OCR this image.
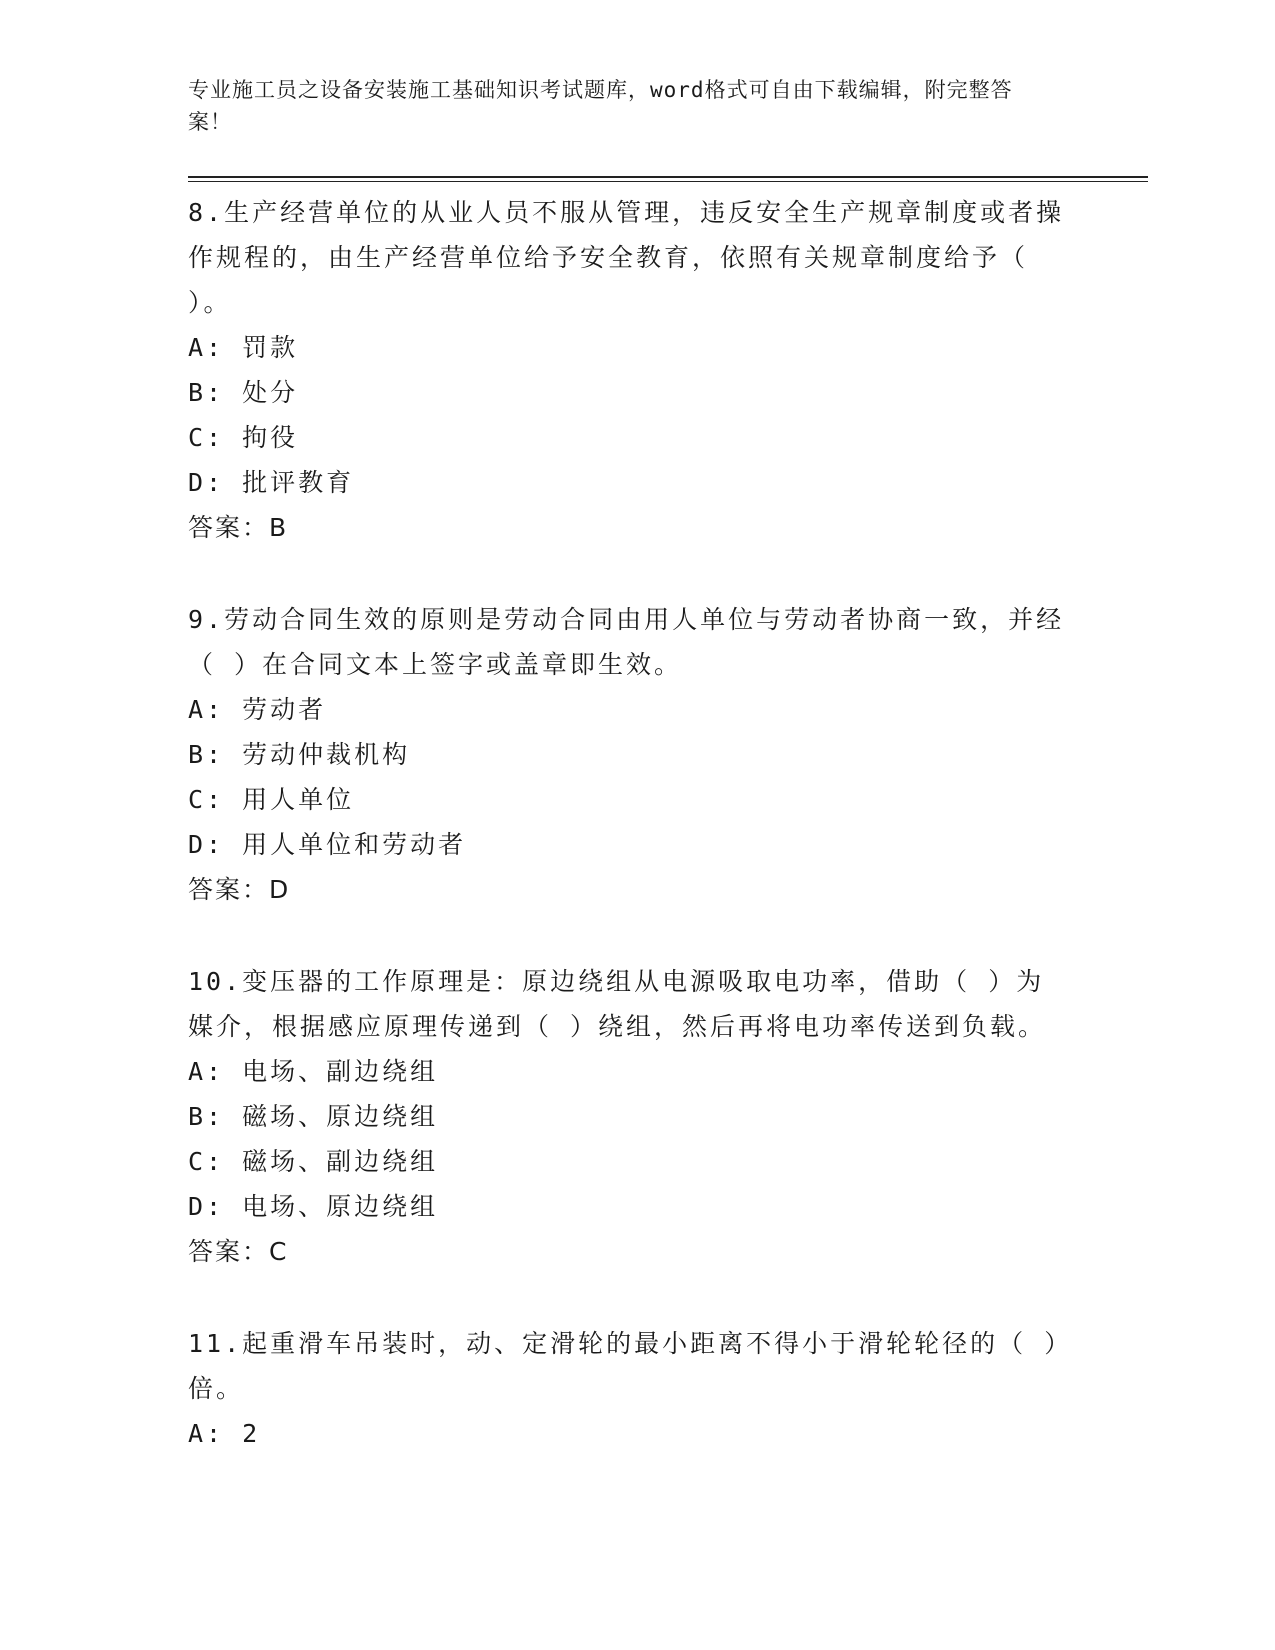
专业施工员之设备安装施工基础知识考试题库，word格式可自由下载编辑，附完整答案！

8.生产经营单位的从业人员不服从管理，违反安全生产规章制度或者操作规程的，由生产经营单位给予安全教育，依照有关规章制度给予（ ）。

A: 罚款

B: 处分

C: 拘役

D: 批评教育

答案：B

9.劳动合同生效的原则是劳动合同由用人单位与劳动者协商一致，并经（ ）在合同文本上签字或盖章即生效。

A: 劳动者

B: 劳动仲裁机构

C: 用人单位

D: 用人单位和劳动者

答案：D

10.变压器的工作原理是：原边绕组从电源吸取电功率，借助（ ）为媒介，根据感应原理传递到（ ）绕组，然后再将电功率传送到负载。

A: 电场、副边绕组

B: 磁场、原边绕组

C: 磁场、副边绕组

D: 电场、原边绕组

答案：C

11.起重滑车吊装时，动、定滑轮的最小距离不得小于滑轮轮径的（ ）倍。

A: 2
